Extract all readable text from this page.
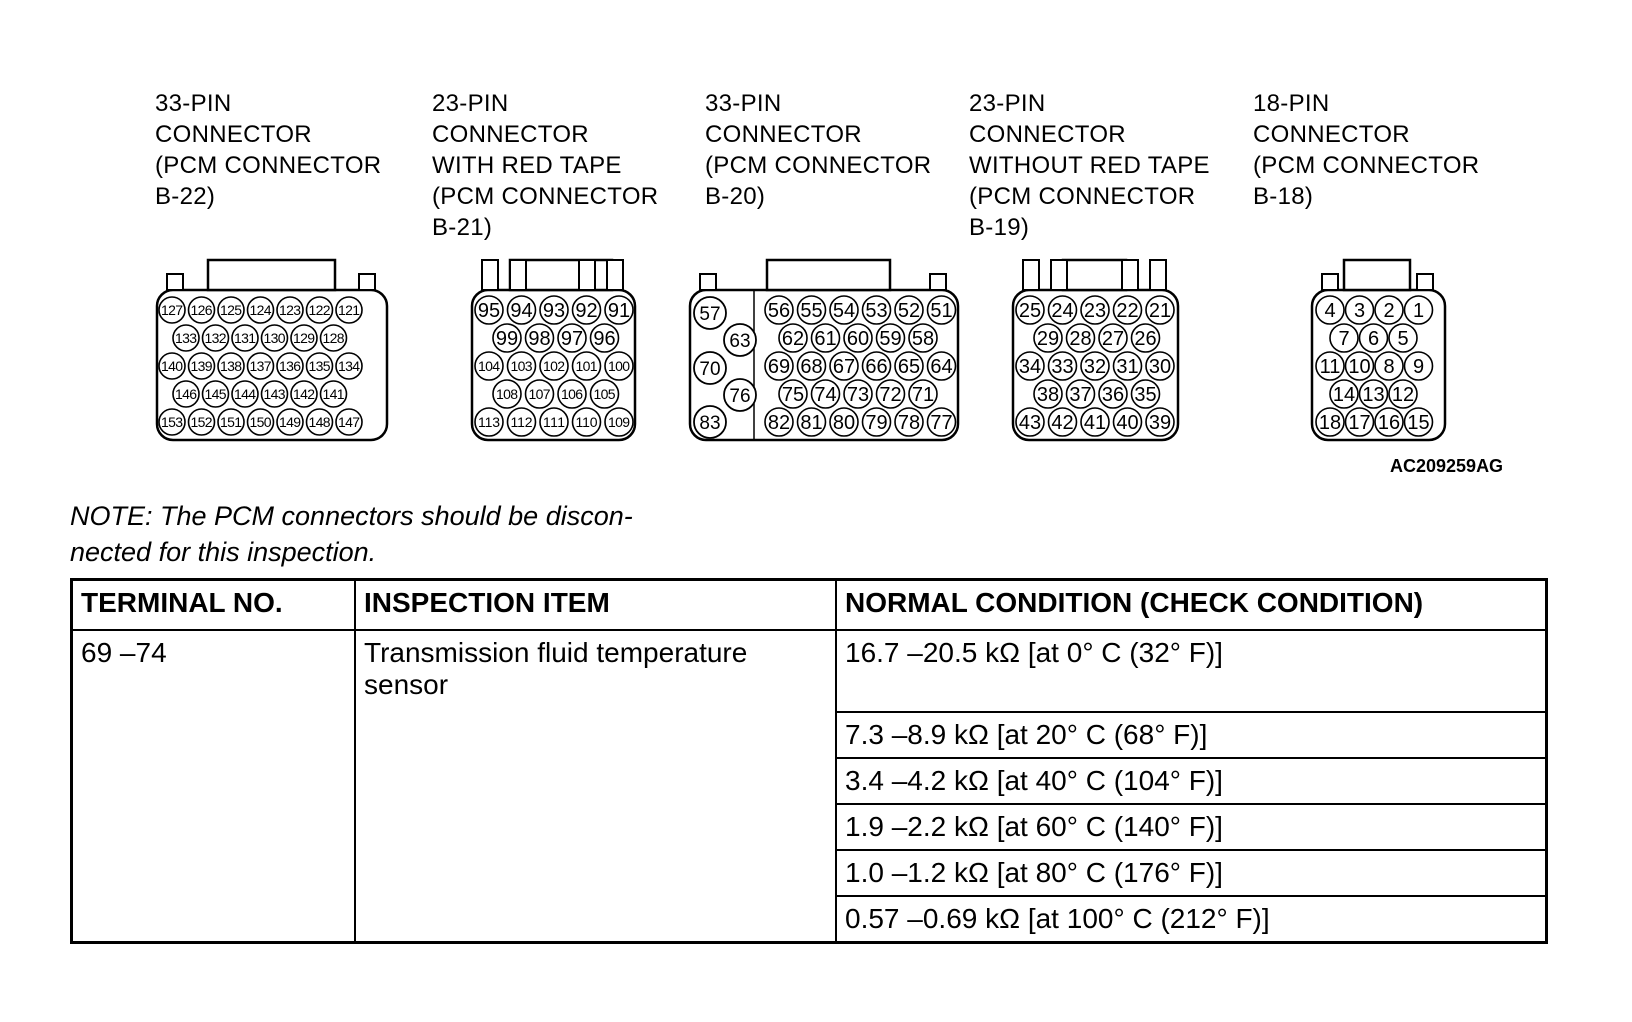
33-PIN
CONNECTOR
(PCM CONNECTOR
B-22)
23-PIN
CONNECTOR
WITH RED TAPE
(PCM CONNECTOR
B-21)
33-PIN
CONNECTOR
(PCM CONNECTOR
B-20)
23-PIN
CONNECTOR
WITHOUT RED TAPE
(PCM CONNECTOR
B-19)
18-PIN
CONNECTOR
(PCM CONNECTOR
B-18)
127 126 125 124 123 122 121
133 132 131 130 129 128
140 139 138 137 136 135 134
146 145 144 143 142 141
153 152 151 150 149 148 147
95 94 93 92 91
99 98 97 96
104 103 102 101 100
108 107 106 105
113 112 111 110 109
57
63
70
76
83
56 55 54 53 52 51
62 61 60 59 58
69 68 67 66 65 64
75 74 73 72 71
82 81 80 79 78 77
25 24 23 22 21
29 28 27 26
34 33 32 31 30
38 37 36 35
43 42 41 40 39
4 3 2 1
7 6 5
11 10 8 9
14 13 12
18 17 16 15
AC209259AG
NOTE: The PCM connectors should be discon-
nected for this inspection.
TERMINAL NO.	INSPECTION ITEM	NORMAL CONDITION (CHECK CONDITION)
69 –74	Transmission fluid temperature sensor	16.7 –20.5 kΩ [at 0° C (32° F)]
		7.3 –8.9 kΩ [at 20° C (68° F)]
		3.4 –4.2 kΩ [at 40° C (104° F)]
		1.9 –2.2 kΩ [at 60° C (140° F)]
		1.0 –1.2 kΩ [at 80° C (176° F)]
		0.57 –0.69 kΩ [at 100° C (212° F)]
